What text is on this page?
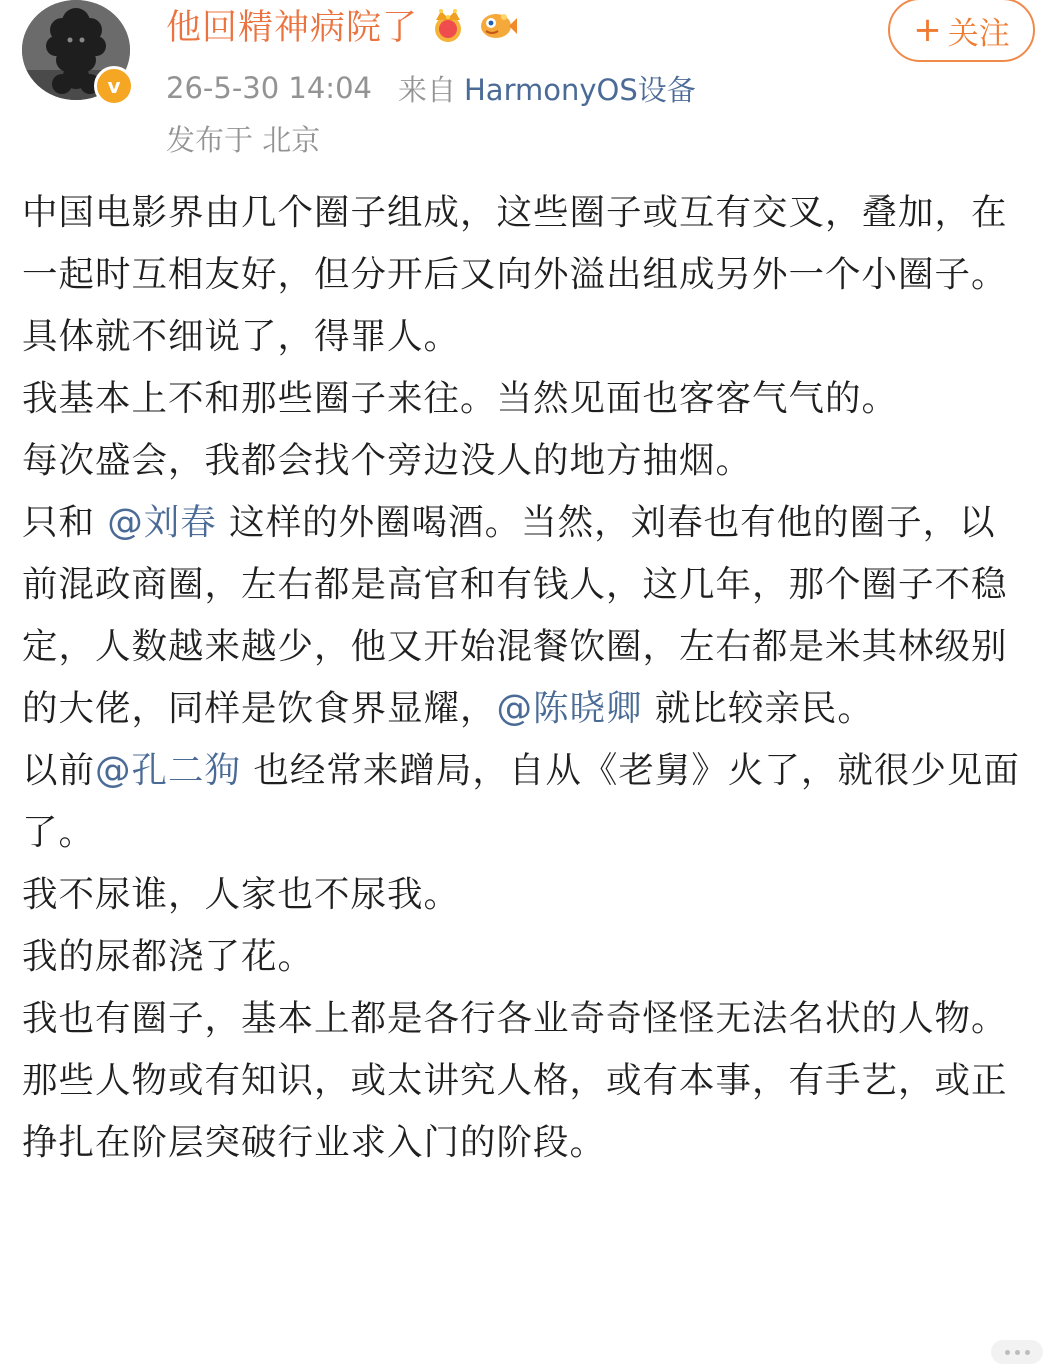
v
他回精神病院了	+ 关注
26-5-30 14:04 来自 HarmonyOS设备
发布于 北京

中国电影界由几个圈子组成，这些圈子或互有交叉，叠加，在一起时互相友好，但分开后又向外溢出组成另外一个小圈子。

具体就不细说了，得罪人。

我基本上不和那些圈子来往。当然见面也客客气气的。

每次盛会，我都会找个旁边没人的地方抽烟。

只和 @刘春 这样的外圈喝酒。当然，刘春也有他的圈子，以前混政商圈，左右都是高官和有钱人，这几年，那个圈子不稳定，人数越来越少，他又开始混餐饮圈，左右都是米其林级别的大佬，同样是饮食界显耀，@陈晓卿 就比较亲民。

以前@孔二狗 也经常来蹭局，自从《老舅》火了，就很少见面了。

我不尿谁，人家也不尿我。

我的尿都浇了花。

我也有圈子，基本上都是各行各业奇奇怪怪无法名状的人物。

那些人物或有知识，或太讲究人格，或有本事，有手艺，或正挣扎在阶层突破行业求入门的阶段。
